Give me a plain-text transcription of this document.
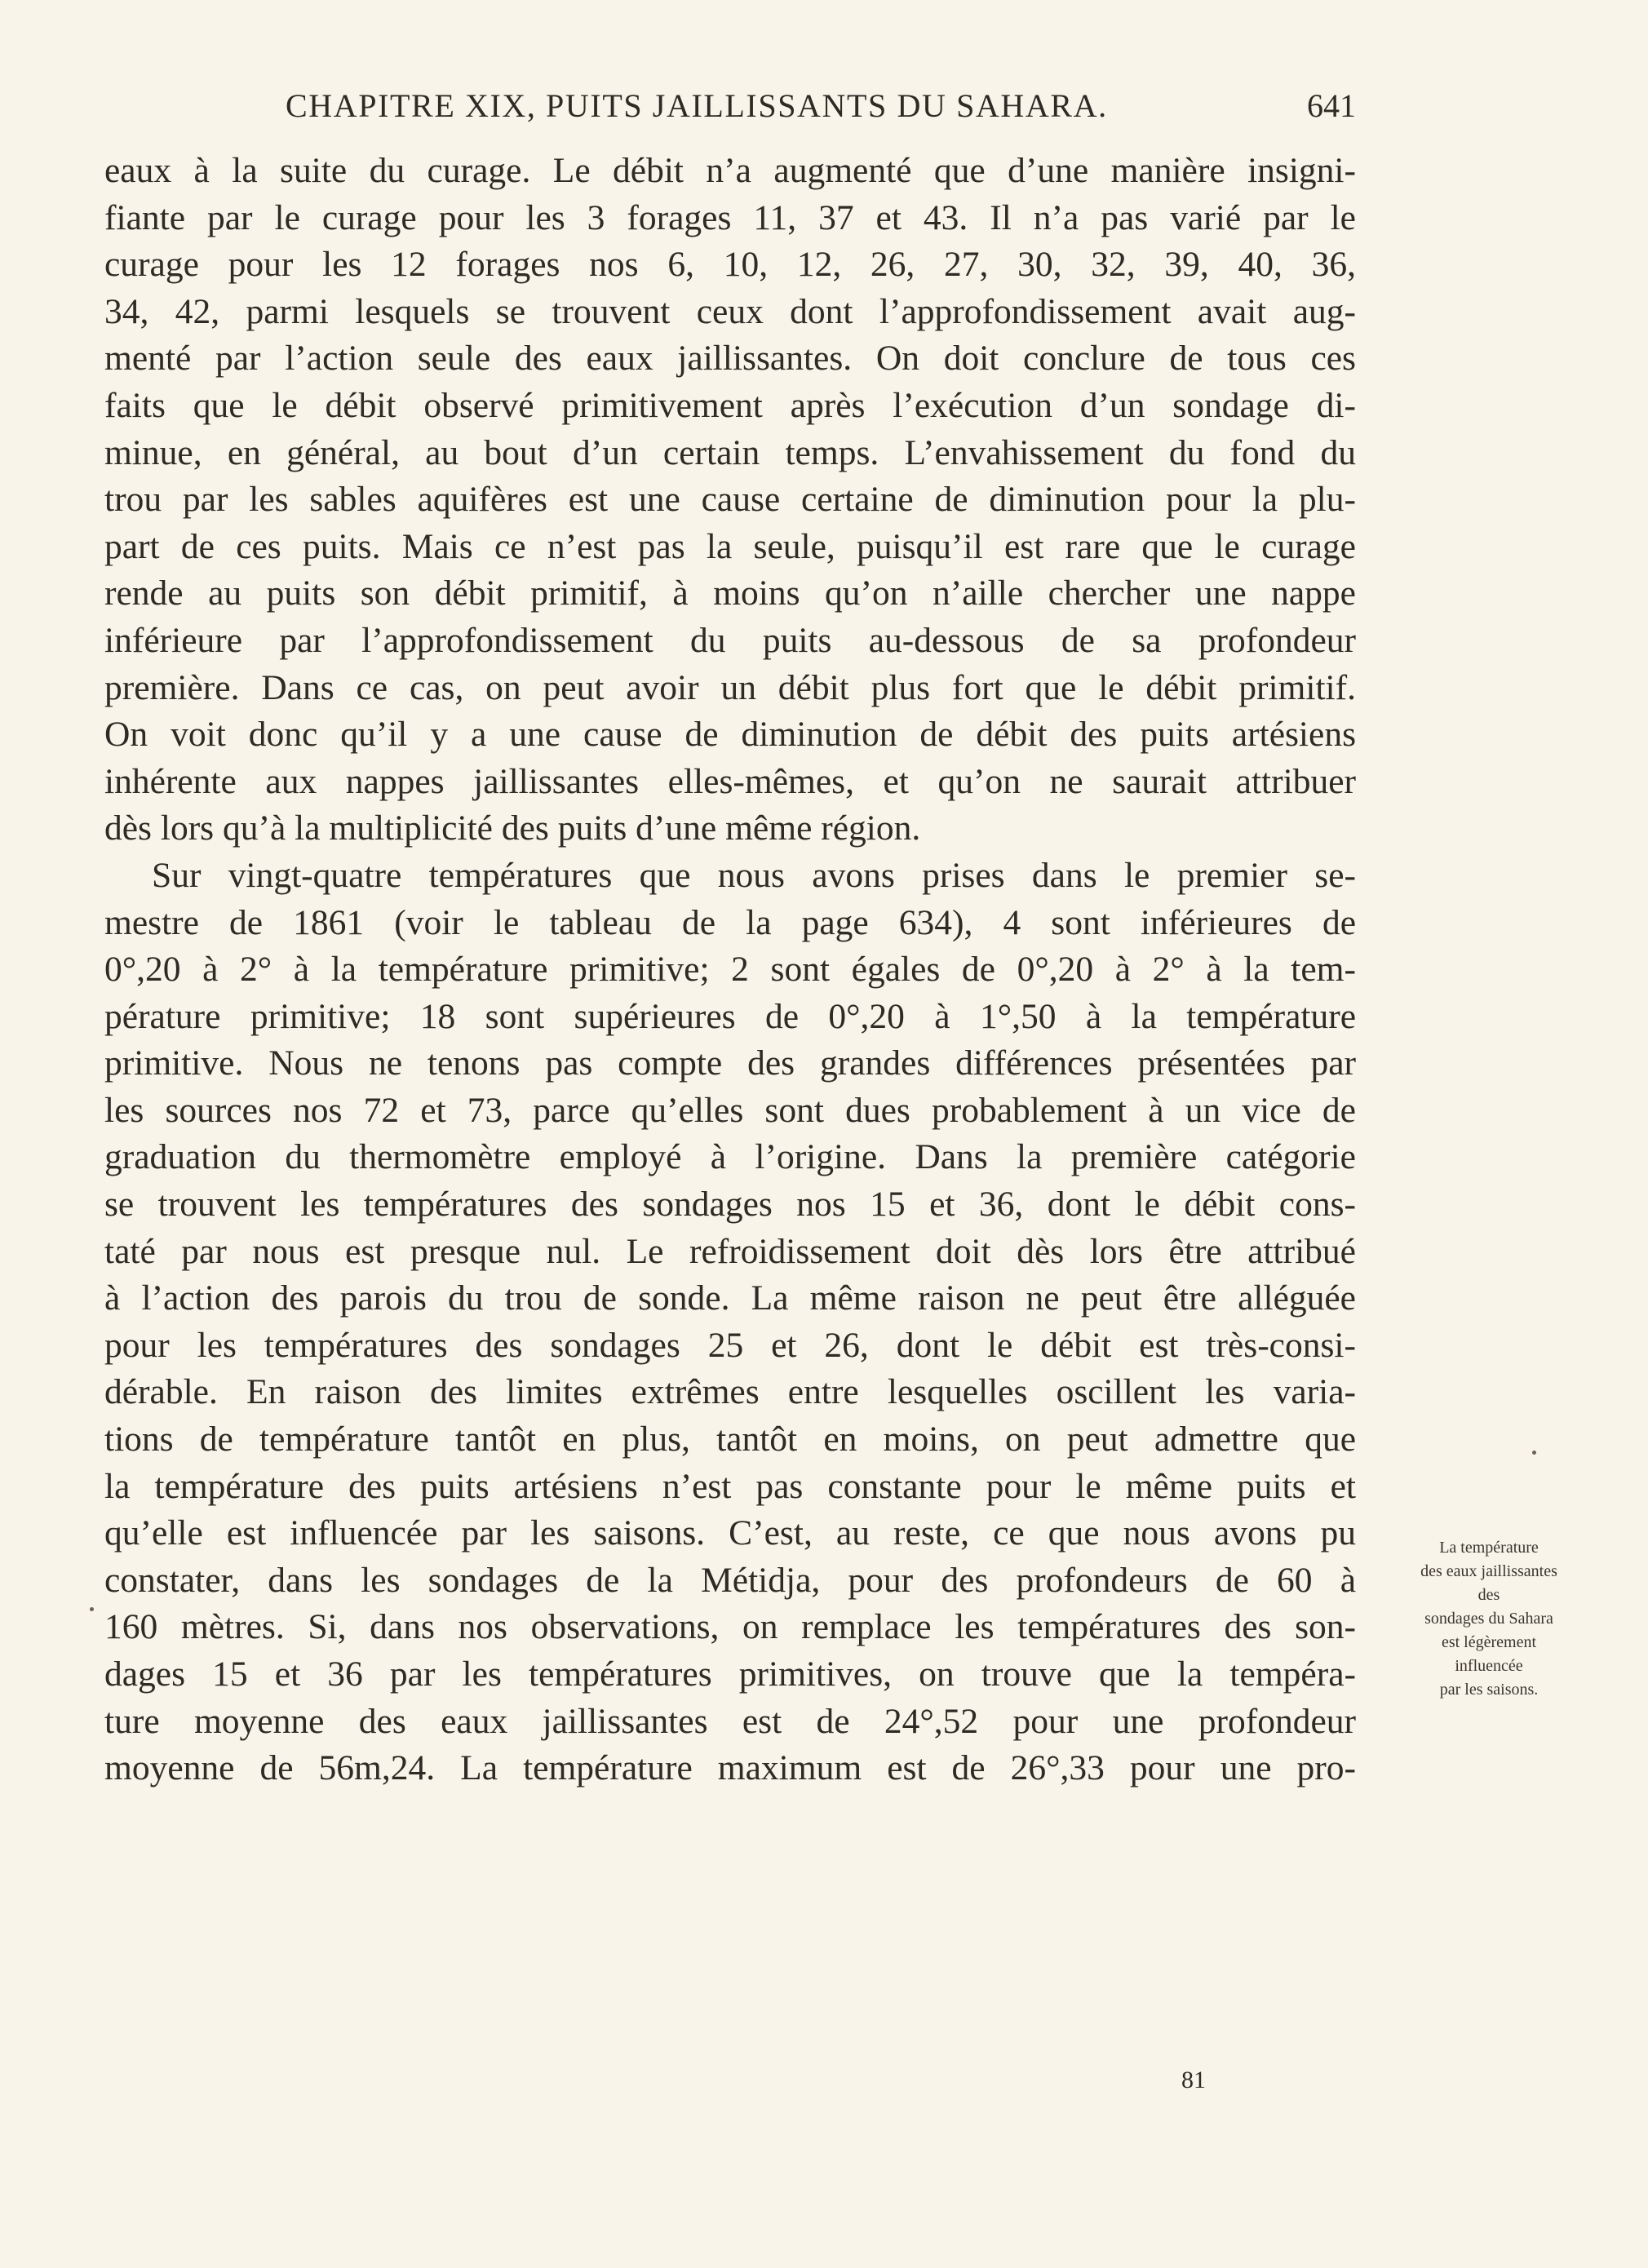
CHAPITRE XIX, PUITS JAILLISSANTS DU SAHARA.	641
eaux à la suite du curage. Le débit n’a augmenté que d’une manière insigni-
fiante par le curage pour les 3 forages 11, 37 et 43. Il n’a pas varié par le
curage pour les 12 forages nos 6, 10, 12, 26, 27, 30, 32, 39, 40, 36,
34, 42, parmi lesquels se trouvent ceux dont l’approfondissement avait aug-
menté par l’action seule des eaux jaillissantes. On doit conclure de tous ces
faits que le débit observé primitivement après l’exécution d’un sondage di-
minue, en général, au bout d’un certain temps. L’envahissement du fond du
trou par les sables aquifères est une cause certaine de diminution pour la plu-
part de ces puits. Mais ce n’est pas la seule, puisqu’il est rare que le curage
rende au puits son débit primitif, à moins qu’on n’aille chercher une nappe
inférieure par l’approfondissement du puits au-dessous de sa profondeur
première. Dans ce cas, on peut avoir un débit plus fort que le débit primitif.
On voit donc qu’il y a une cause de diminution de débit des puits artésiens
inhérente aux nappes jaillissantes elles-mêmes, et qu’on ne saurait attribuer
dès lors qu’à la multiplicité des puits d’une même région.
Sur vingt-quatre températures que nous avons prises dans le premier se-
mestre de 1861 (voir le tableau de la page 634), 4 sont inférieures de
0°,20 à 2° à la température primitive; 2 sont égales de 0°,20 à 2° à la tem-
pérature primitive; 18 sont supérieures de 0°,20 à 1°,50 à la température
primitive. Nous ne tenons pas compte des grandes différences présentées par
les sources nos 72 et 73, parce qu’elles sont dues probablement à un vice de
graduation du thermomètre employé à l’origine. Dans la première catégorie
se trouvent les températures des sondages nos 15 et 36, dont le débit cons-
taté par nous est presque nul. Le refroidissement doit dès lors être attribué
à l’action des parois du trou de sonde. La même raison ne peut être alléguée
pour les températures des sondages 25 et 26, dont le débit est très-consi-
dérable. En raison des limites extrêmes entre lesquelles oscillent les varia-
tions de température tantôt en plus, tantôt en moins, on peut admettre que
la température des puits artésiens n’est pas constante pour le même puits et
qu’elle est influencée par les saisons. C’est, au reste, ce que nous avons pu
constater, dans les sondages de la Métidja, pour des profondeurs de 60 à
160 mètres. Si, dans nos observations, on remplace les températures des son-
dages 15 et 36 par les températures primitives, on trouve que la tempéra-
ture moyenne des eaux jaillissantes est de 24°,52 pour une profondeur
moyenne de 56m,24. La température maximum est de 26°,33 pour une pro-
81
La température
des eaux jaillissantes
des
sondages du Sahara
est légèrement
influencée
par les saisons.
